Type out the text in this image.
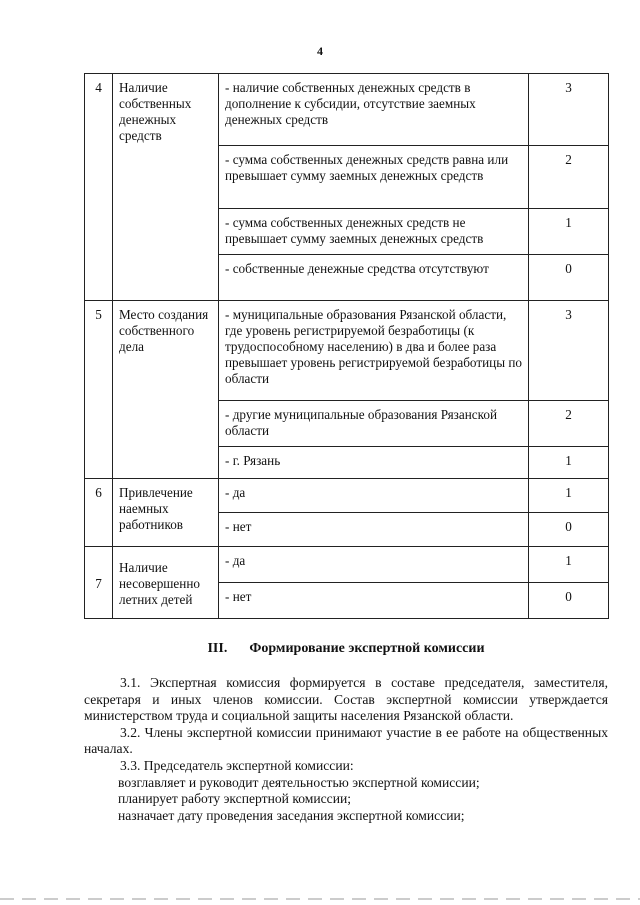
4
4	Наличие собственных денежных средств	- наличие собственных денежных средств в дополнение к субсидии, отсутствие заемных денежных средств	3
		- сумма собственных денежных средств равна или превышает сумму заемных денежных средств	2
		- сумма собственных денежных средств не превышает сумму заемных денежных средств	1
		- собственные денежные средства отсутствуют	0
5	Место создания собственного дела	- муниципальные образования Рязанской области, где уровень регистрируемой безработицы (к трудоспособному населению) в два и более раза превышает уровень регистрируемой безработицы по области	3
		- другие муниципальные образования Рязанской области	2
		- г. Рязань	1
6	Привлечение наемных работников	- да	1
		- нет	0
7	Наличие несовершенно летних детей	- да	1
		- нет	0
III. Формирование экспертной комиссии

3.1. Экспертная комиссия формируется в составе председателя, заместителя, секретаря и иных членов комиссии. Состав экспертной комиссии утверждается министерством труда и социальной защиты населения Рязанской области.

3.2. Члены экспертной комиссии принимают участие в ее работе на общественных началах.

3.3. Председатель экспертной комиссии:

возглавляет и руководит деятельностью экспертной комиссии;

планирует работу экспертной комиссии;

назначает дату проведения заседания экспертной комиссии;
